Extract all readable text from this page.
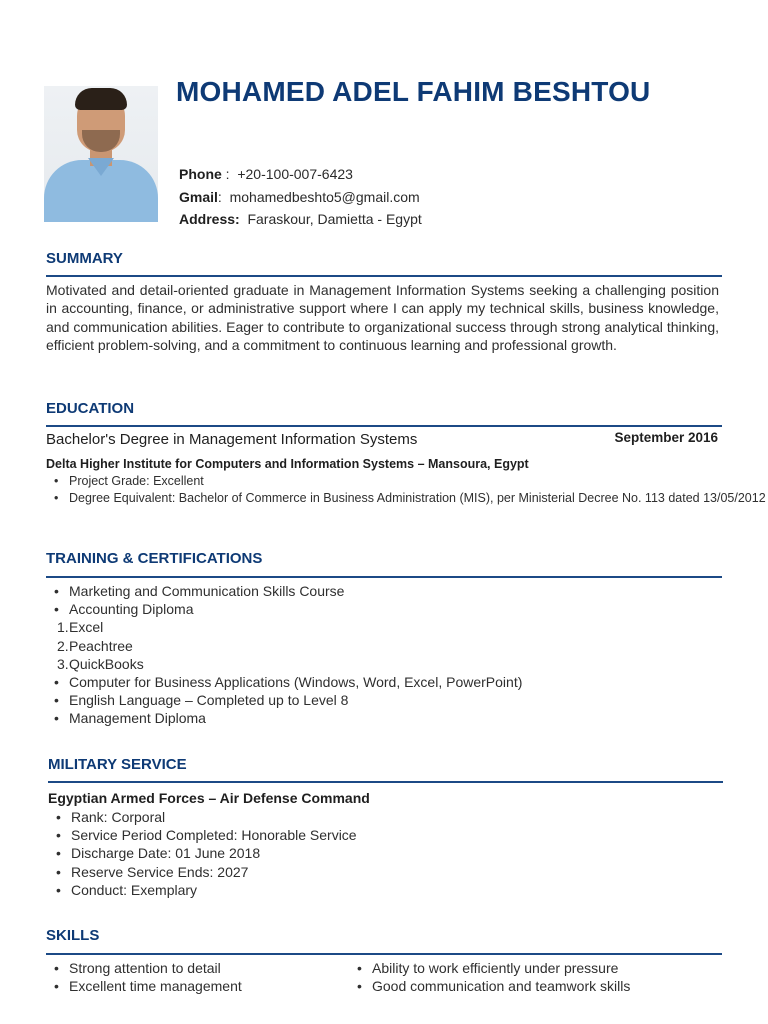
MOHAMED ADEL FAHIM BESHTOU
Phone :  +20-100-007-6423
Gmail:  mohamedbeshto5@gmail.com
Address: Faraskour, Damietta - Egypt
SUMMARY
Motivated and detail-oriented graduate in Management Information Systems seeking a challenging position in accounting, finance, or administrative support where I can apply my technical skills, business knowledge, and communication abilities. Eager to contribute to organizational success through strong analytical thinking, efficient problem-solving, and a commitment to continuous learning and professional growth.
EDUCATION
Bachelor's Degree in Management Information Systems	September 2016
Delta Higher Institute for Computers and Information Systems – Mansoura, Egypt
• Project Grade: Excellent
• Degree Equivalent: Bachelor of Commerce in Business Administration (MIS), per Ministerial Decree No. 113 dated 13/05/2012
TRAINING & CERTIFICATIONS
• Marketing and Communication Skills Course
• Accounting Diploma
1. Excel
2. Peachtree
3. QuickBooks
• Computer for Business Applications (Windows, Word, Excel, PowerPoint)
• English Language – Completed up to Level 8
• Management Diploma
MILITARY SERVICE
Egyptian Armed Forces – Air Defense Command
• Rank: Corporal
• Service Period Completed: Honorable Service
• Discharge Date: 01 June 2018
• Reserve Service Ends: 2027
• Conduct: Exemplary
SKILLS
• Strong attention to detail
• Excellent time management
• Ability to work efficiently under pressure
• Good communication and teamwork skills
